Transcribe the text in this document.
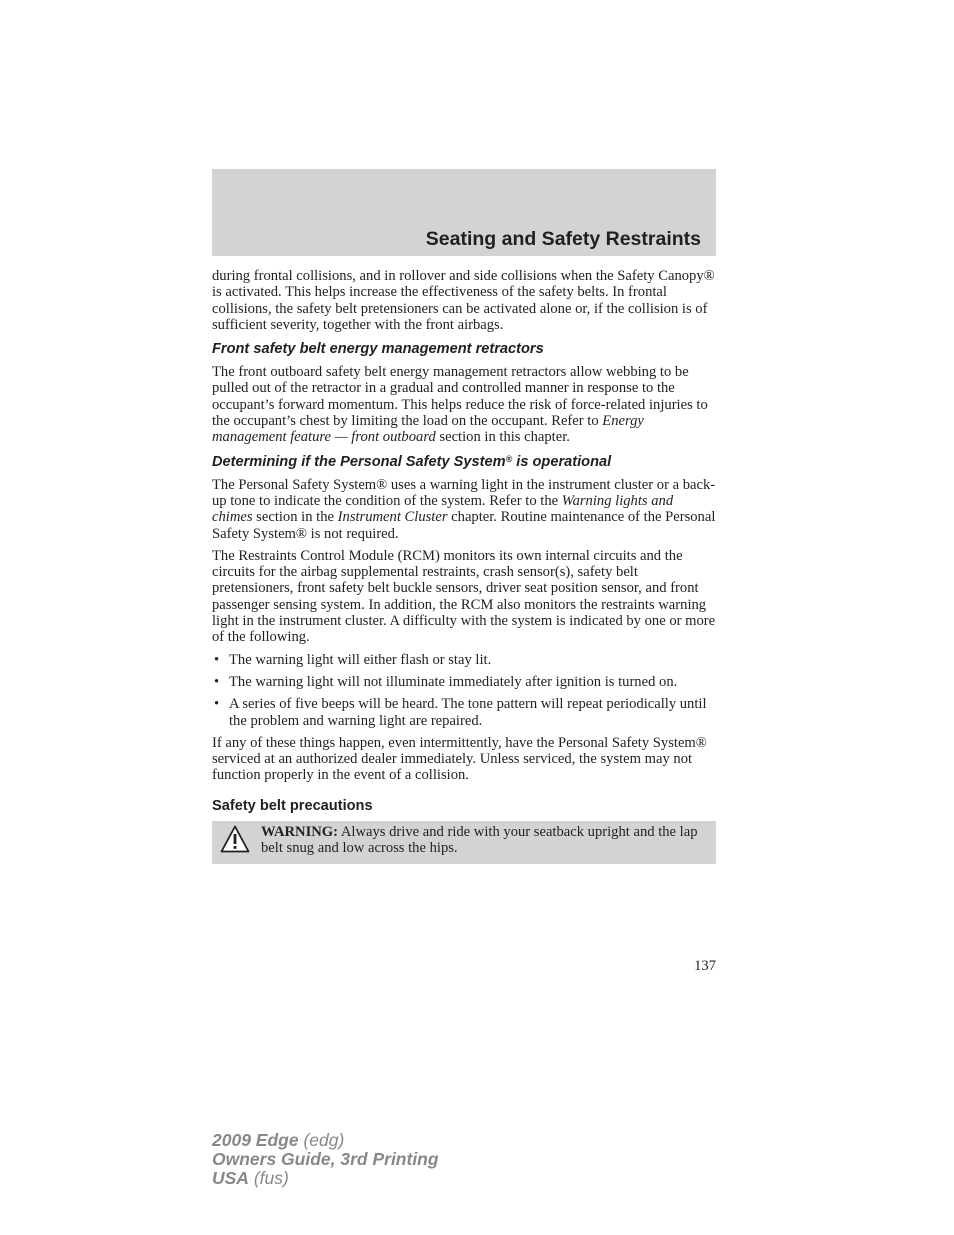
Seating and Safety Restraints

during frontal collisions, and in rollover and side collisions when the Safety Canopy® is activated. This helps increase the effectiveness of the safety belts. In frontal collisions, the safety belt pretensioners can be activated alone or, if the collision is of sufficient severity, together with the front airbags.

Front safety belt energy management retractors

The front outboard safety belt energy management retractors allow webbing to be pulled out of the retractor in a gradual and controlled manner in response to the occupant’s forward momentum. This helps reduce the risk of force-related injuries to the occupant’s chest by limiting the load on the occupant. Refer to Energy management feature — front outboard section in this chapter.

Determining if the Personal Safety System® is operational

The Personal Safety System® uses a warning light in the instrument cluster or a back-up tone to indicate the condition of the system. Refer to the Warning lights and chimes section in the Instrument Cluster chapter. Routine maintenance of the Personal Safety System® is not required.

The Restraints Control Module (RCM) monitors its own internal circuits and the circuits for the airbag supplemental restraints, crash sensor(s), safety belt pretensioners, front safety belt buckle sensors, driver seat position sensor, and front passenger sensing system. In addition, the RCM also monitors the restraints warning light in the instrument cluster. A difficulty with the system is indicated by one or more of the following.

• The warning light will either flash or stay lit.
• The warning light will not illuminate immediately after ignition is turned on.
• A series of five beeps will be heard. The tone pattern will repeat periodically until the problem and warning light are repaired.

If any of these things happen, even intermittently, have the Personal Safety System® serviced at an authorized dealer immediately. Unless serviced, the system may not function properly in the event of a collision.

Safety belt precautions
WARNING: Always drive and ride with your seatback upright and the lap belt snug and low across the hips.
137
2009 Edge (edg)
Owners Guide, 3rd Printing
USA (fus)
